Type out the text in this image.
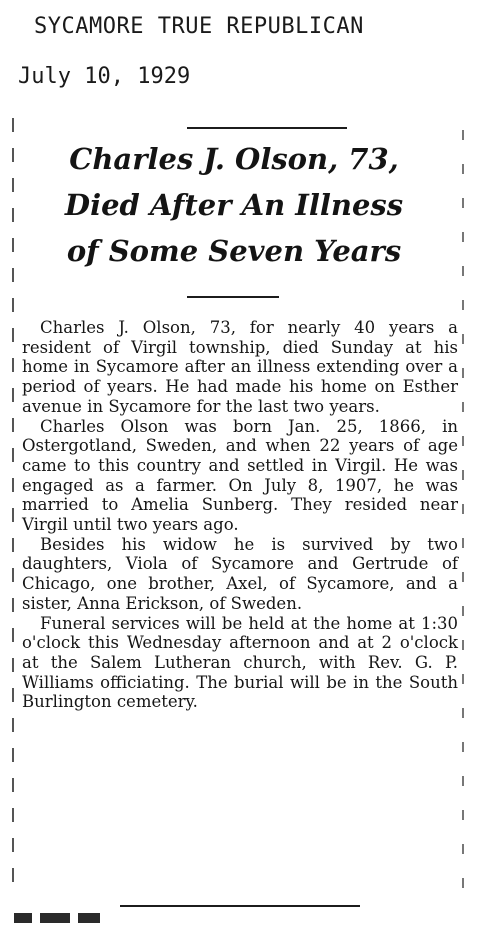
SYCAMORE TRUE REPUBLICAN
July 10, 1929
Charles J. Olson, 73,
Died After An Illness
of Some Seven Years

Charles J. Olson, 73, for nearly 40 years a resident of Virgil township, died Sunday at his home in Sycamore after an illness extending over a period of years. He had made his home on Esther avenue in Sycamore for the last two years.

Charles Olson was born Jan. 25, 1866, in Ostergotland, Sweden, and when 22 years of age came to this country and settled in Virgil. He was engaged as a farmer. On July 8, 1907, he was married to Amelia Sunberg. They resided near Virgil until two years ago.

Besides his widow he is survived by two daughters, Viola of Sycamore and Gertrude of Chicago, one brother, Axel, of Sycamore, and a sister, Anna Erickson, of Sweden.

Funeral services will be held at the home at 1:30 o'clock this Wednesday afternoon and at 2 o'clock at the Salem Lutheran church, with Rev. G. P. Williams officiating. The burial will be in the South Burlington cemetery.
